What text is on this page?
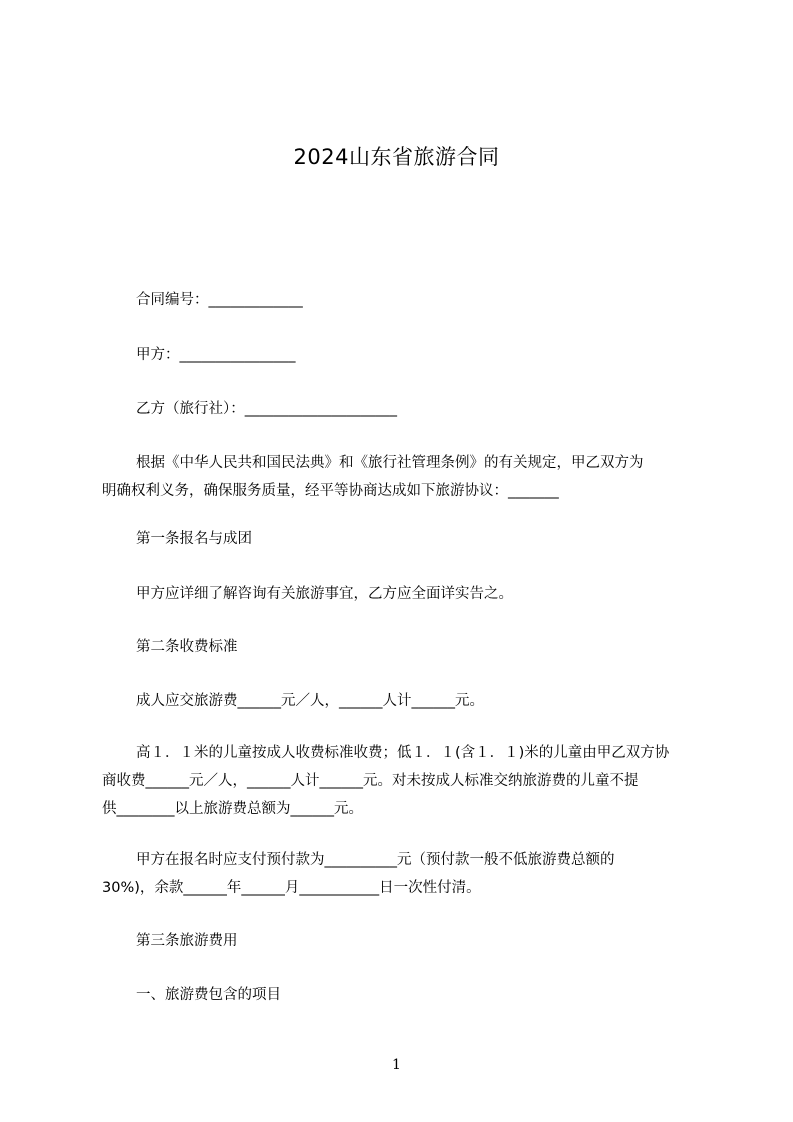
2024山东省旅游合同
合同编号：_____________
甲方：________________
乙方（旅行社）：_____________________
根据《中华人民共和国民法典》和《旅行社管理条例》的有关规定，甲乙双方为
明确权利义务，确保服务质量，经平等协商达成如下旅游协议：_______
第一条报名与成团
甲方应详细了解咨询有关旅游事宜，乙方应全面详实告之。
第二条收费标准
成人应交旅游费______元／人，______人计______元。
高１．１米的儿童按成人收费标准收费；低１．１(含１．１)米的儿童由甲乙双方协
商收费______元／人，______人计______元。对未按成人标准交纳旅游费的儿童不提
供________以上旅游费总额为______元。
甲方在报名时应支付预付款为__________元（预付款一般不低旅游费总额的
30%)，余款______年______月___________日一次性付清。
第三条旅游费用
一、旅游费包含的项目
1
